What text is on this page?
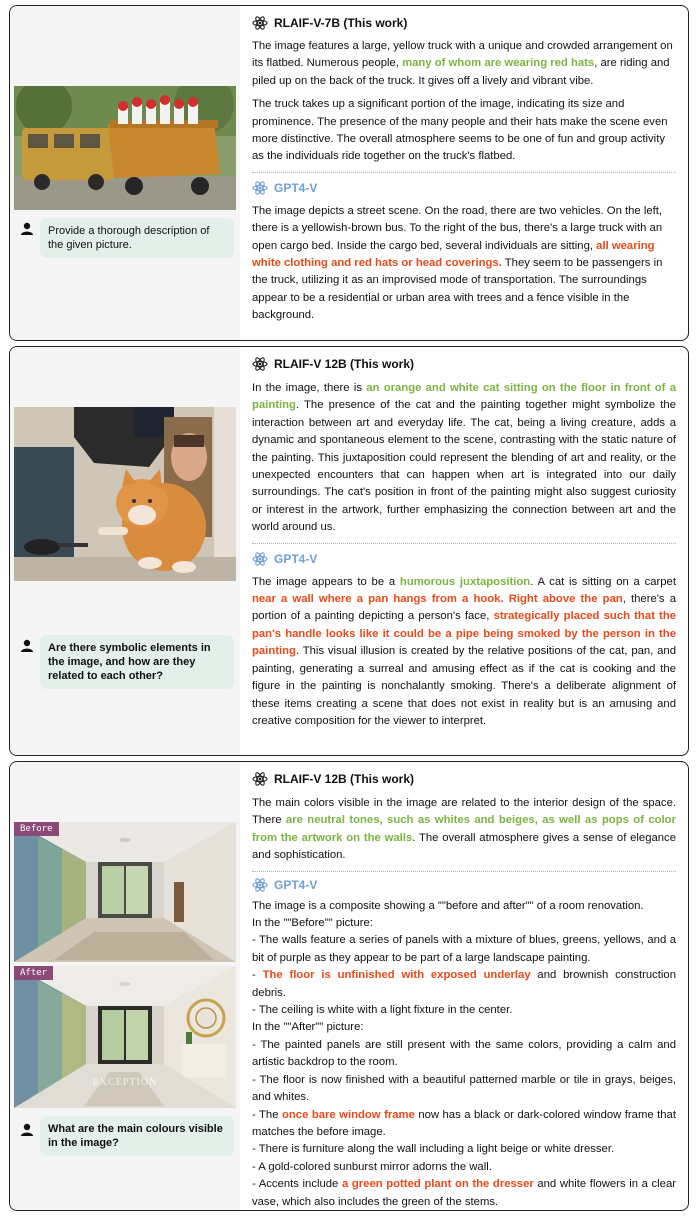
Provide a thorough description of the given picture.
RLAIF-V-7B (This work)

The image features a large, yellow truck with a unique and crowded arrangement on its flatbed. Numerous people, many of whom are wearing red hats, are riding and piled up on the back of the truck. It gives off a lively and vibrant vibe.

The truck takes up a significant portion of the image, indicating its size and prominence. The presence of the many people and their hats make the scene even more distinctive. The overall atmosphere seems to be one of fun and group activity as the individuals ride together on the truck's flatbed.

GPT4-V

The image depicts a street scene. On the road, there are two vehicles. On the left, there is a yellowish-brown bus. To the right of the bus, there's a large truck with an open cargo bed. Inside the cargo bed, several individuals are sitting, all wearing white clothing and red hats or head coverings. They seem to be passengers in the truck, utilizing it as an improvised mode of transportation. The surroundings appear to be a residential or urban area with trees and a fence visible in the background.

Are there symbolic elements in the image, and how are they related to each other?
RLAIF-V 12B (This work)

In the image, there is an orange and white cat sitting on the floor in front of a painting. The presence of the cat and the painting together might symbolize the interaction between art and everyday life. The cat, being a living creature, adds a dynamic and spontaneous element to the scene, contrasting with the static nature of the painting. This juxtaposition could represent the blending of art and reality, or the unexpected encounters that can happen when art is integrated into our daily surroundings. The cat's position in front of the painting might also suggest curiosity or interest in the artwork, further emphasizing the connection between art and the world around us.

GPT4-V

The image appears to be a humorous juxtaposition. A cat is sitting on a carpet near a wall where a pan hangs from a hook. Right above the pan, there's a portion of a painting depicting a person's face, strategically placed such that the pan's handle looks like it could be a pipe being smoked by the person in the painting. This visual illusion is created by the relative positions of the cat, pan, and painting, generating a surreal and amusing effect as if the cat is cooking and the figure in the painting is nonchalantly smoking. There's a deliberate alignment of these items creating a scene that does not exist in reality but is an amusing and creative composition for the viewer to interpret.

Before
After
EXCEPTION
What are the main colours visible in the image?
RLAIF-V 12B (This work)

The main colors visible in the image are related to the interior design of the space. There are neutral tones, such as whites and beiges, as well as pops of color from the artwork on the walls. The overall atmosphere gives a sense of elegance and sophistication.

GPT4-V
The image is a composite showing a ""before and after"" of a room renovation.
In the ""Before"" picture:
- The walls feature a series of panels with a mixture of blues, greens, yellows, and a bit of purple as they appear to be part of a large landscape painting.
- The floor is unfinished with exposed underlay and brownish construction debris.
- The ceiling is white with a light fixture in the center.
In the ""After"" picture:
- The painted panels are still present with the same colors, providing a calm and artistic backdrop to the room.
- The floor is now finished with a beautiful patterned marble or tile in grays, beiges, and whites.
- The once bare window frame now has a black or dark-colored window frame that matches the before image.
- There is furniture along the wall including a light beige or white dresser.
- A gold-colored sunburst mirror adorns the wall.
- Accents include a green potted plant on the dresser and white flowers in a clear vase, which also includes the green of the stems.
